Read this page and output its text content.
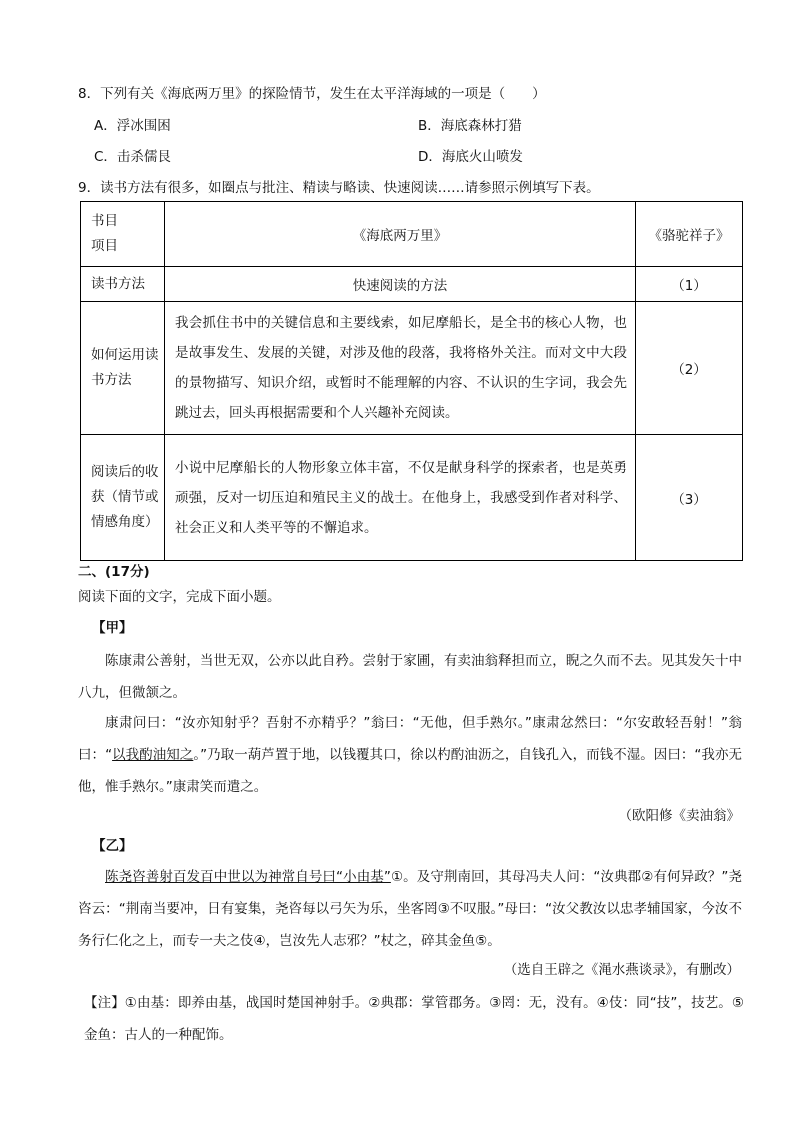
8．下列有关《海底两万里》的探险情节，发生在太平洋海域的一项是（　　）
A．浮冰围困	B．海底森林打猎
C．击杀儒艮	D．海底火山喷发
9．读书方法有很多，如圈点与批注、精读与略读、快速阅读……请参照示例填写下表。
书目
项目	《海底两万里》	《骆驼祥子》
读书方法	快速阅读的方法	（1）
如何运用读书方法	我会抓住书中的关键信息和主要线索，如尼摩船长，是全书的核心人物，也是故事发生、发展的关键，对涉及他的段落，我将格外关注。而对文中大段的景物描写、知识介绍，或暂时不能理解的内容、不认识的生字词，我会先跳过去，回头再根据需要和个人兴趣补充阅读。	（2）
阅读后的收获（情节或情感角度）	小说中尼摩船长的人物形象立体丰富，不仅是献身科学的探索者，也是英勇顽强，反对一切压迫和殖民主义的战士。在他身上，我感受到作者对科学、社会正义和人类平等的不懈追求。	（3）
二、(17分)
阅读下面的文字，完成下面小题。
【甲】
陈康肃公善射，当世无双，公亦以此自矜。尝射于家圃，有卖油翁释担而立，睨之久而不去。见其发矢十中八九，但微颔之。
康肃问曰：“汝亦知射乎？吾射不亦精乎？”翁曰：“无他，但手熟尔。”康肃忿然曰：“尔安敢轻吾射！”翁曰：“以我酌油知之。”乃取一葫芦置于地，以钱覆其口，徐以杓酌油沥之，自钱孔入，而钱不湿。因曰：“我亦无他，惟手熟尔。”康肃笑而遣之。
（欧阳修《卖油翁》
【乙】
陈尧咨善射百发百中世以为神常自号曰“小由基”①。及守荆南回，其母冯夫人问：“汝典郡②有何异政？”尧咨云：“荆南当要冲，日有宴集，尧咨每以弓矢为乐，坐客罔③不叹服。”母曰：“汝父教汝以忠孝辅国家，今汝不务行仁化之上，而专一夫之伎④，岂汝先人志邪？”杖之，碎其金鱼⑤。
（选自王辟之《渑水燕谈录》，有删改）
【注】①由基：即养由基，战国时楚国神射手。②典郡：掌管郡务。③罔：无，没有。④伎：同“技”，技艺。⑤金鱼：古人的一种配饰。
